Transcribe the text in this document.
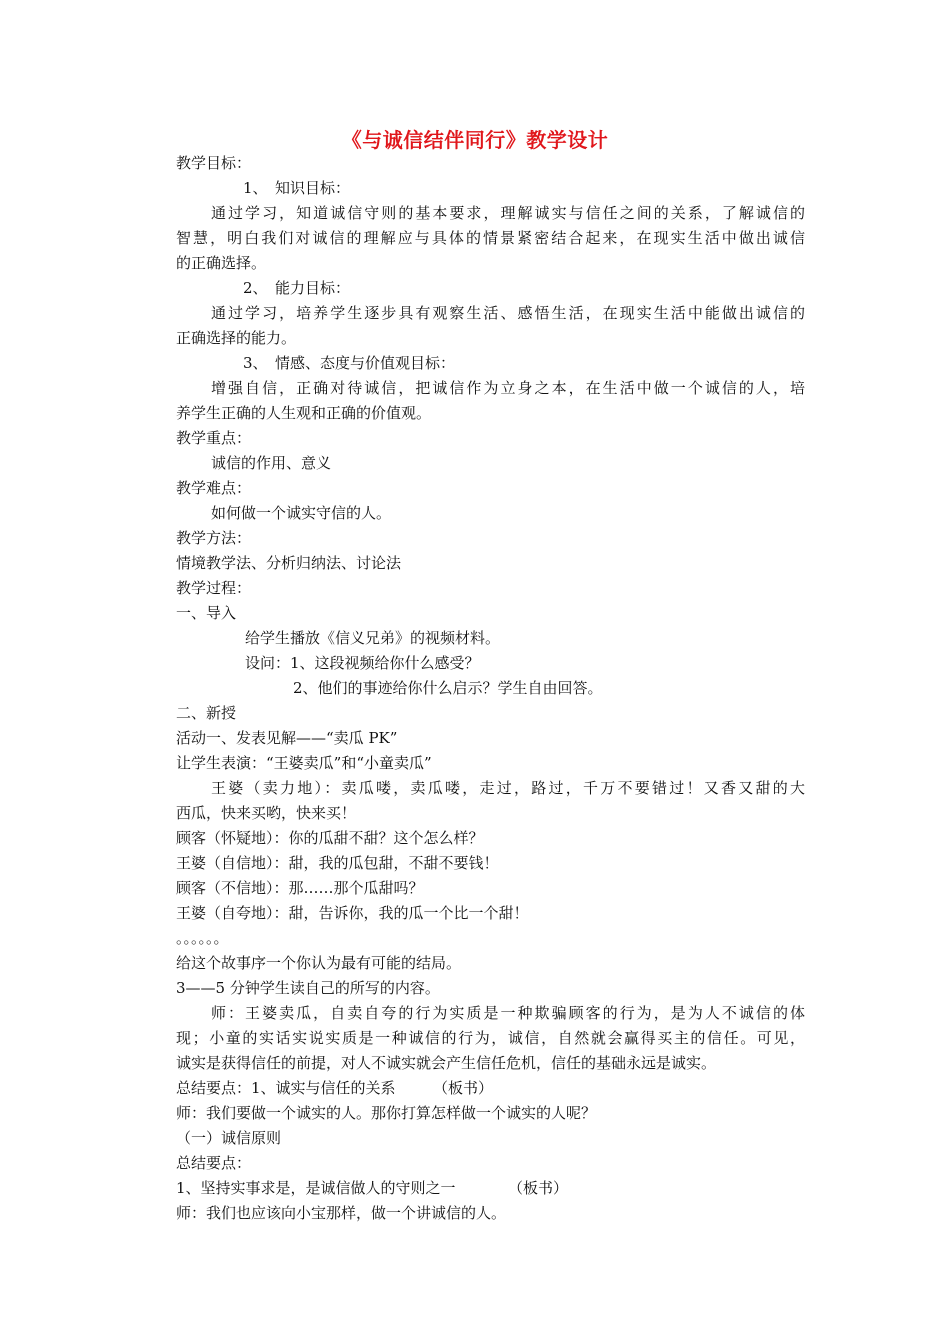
《与诚信结伴同行》教学设计
教学目标：
1、　知识目标：
通过学习，知道诚信守则的基本要求，理解诚实与信任之间的关系，了解诚信的
智慧，明白我们对诚信的理解应与具体的情景紧密结合起来，在现实生活中做出诚信
的正确选择。
2、　能力目标：
通过学习，培养学生逐步具有观察生活、感悟生活，在现实生活中能做出诚信的
正确选择的能力。
3、　情感、态度与价值观目标：
增强自信，正确对待诚信，把诚信作为立身之本，在生活中做一个诚信的人，培
养学生正确的人生观和正确的价值观。
教学重点：
诚信的作用、意义
教学难点：
如何做一个诚实守信的人。
教学方法：
情境教学法、分析归纳法、讨论法
教学过程：
一、导入
给学生播放《信义兄弟》的视频材料。
设问：1、这段视频给你什么感受？
2、他们的事迹给你什么启示？学生自由回答。
二、新授
活动一、发表见解——“卖瓜 PK”
让学生表演：“王婆卖瓜”和“小童卖瓜”
王婆（卖力地）：卖瓜喽，卖瓜喽，走过，路过，千万不要错过！又香又甜的大
西瓜，快来买哟，快来买！
顾客（怀疑地）：你的瓜甜不甜？这个怎么样？
王婆（自信地）：甜，我的瓜包甜，不甜不要钱！
顾客（不信地）：那……那个瓜甜吗？
王婆（自夸地）：甜，告诉你，我的瓜一个比一个甜！
。。。。。。
给这个故事序一个你认为最有可能的结局。
3——5 分钟学生读自己的所写的内容。
师：王婆卖瓜，自卖自夸的行为实质是一种欺骗顾客的行为，是为人不诚信的体
现；小童的实话实说实质是一种诚信的行为，诚信，自然就会赢得买主的信任。可见，
诚实是获得信任的前提，对人不诚实就会产生信任危机，信任的基础永远是诚实。
总结要点：1、诚实与信任的关系　　　（板书）
师：我们要做一个诚实的人。那你打算怎样做一个诚实的人呢？
（一）诚信原则
总结要点：
1、坚持实事求是，是诚信做人的守则之一　　　　（板书）
师：我们也应该向小宝那样，做一个讲诚信的人。
